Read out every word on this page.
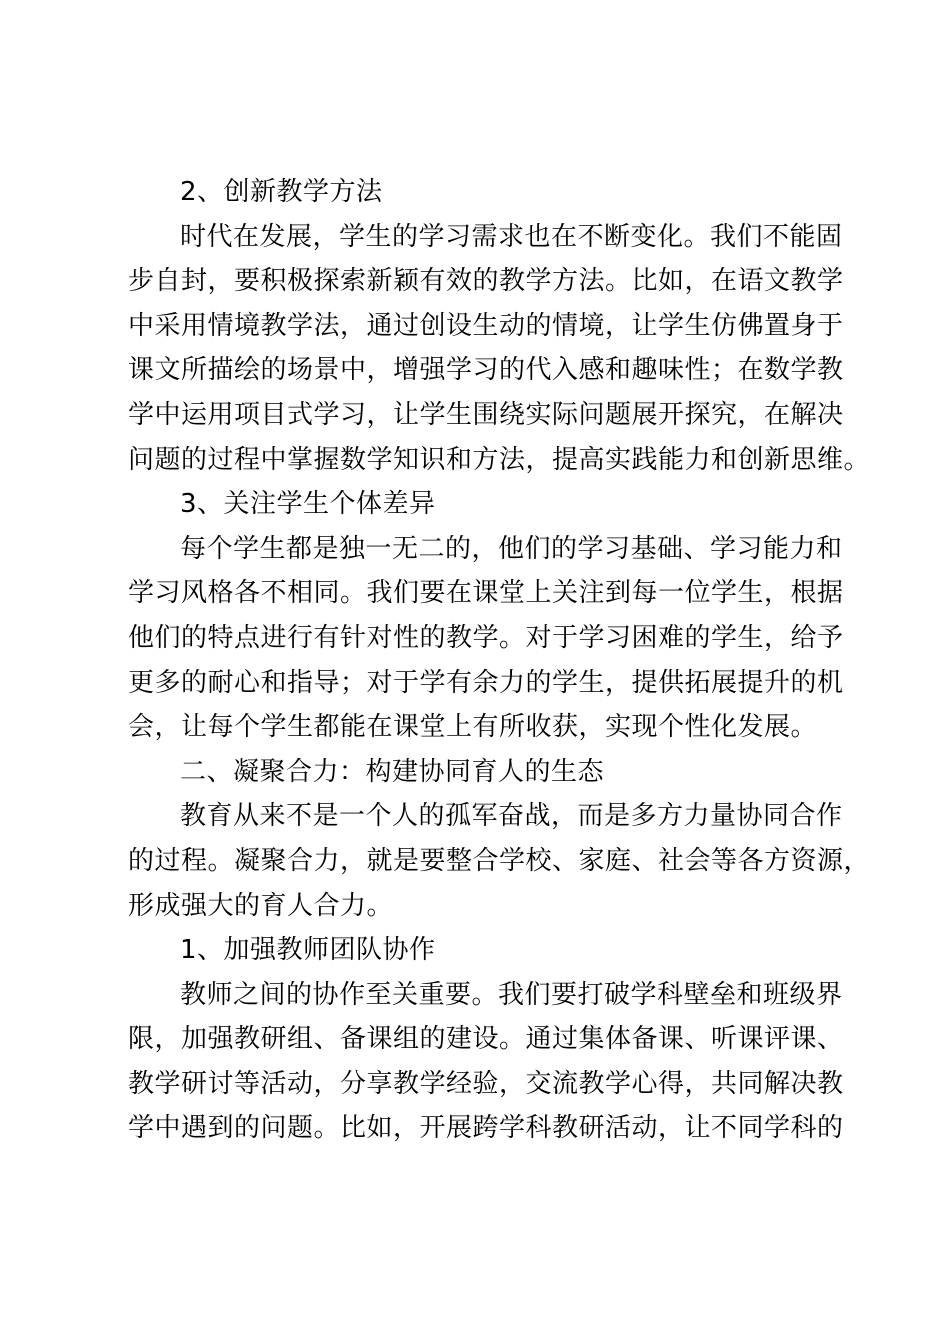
2、创新教学方法
时代在发展，学生的学习需求也在不断变化。我们不能固
步自封，要积极探索新颖有效的教学方法。比如，在语文教学
中采用情境教学法，通过创设生动的情境，让学生仿佛置身于
课文所描绘的场景中，增强学习的代入感和趣味性；在数学教
学中运用项目式学习，让学生围绕实际问题展开探究，在解决
问题的过程中掌握数学知识和方法，提高实践能力和创新思维。
3、关注学生个体差异
每个学生都是独一无二的，他们的学习基础、学习能力和
学习风格各不相同。我们要在课堂上关注到每一位学生，根据
他们的特点进行有针对性的教学。对于学习困难的学生，给予
更多的耐心和指导；对于学有余力的学生，提供拓展提升的机
会，让每个学生都能在课堂上有所收获，实现个性化发展。
二、凝聚合力：构建协同育人的生态
教育从来不是一个人的孤军奋战，而是多方力量协同合作
的过程。凝聚合力，就是要整合学校、家庭、社会等各方资源，
形成强大的育人合力。
1、加强教师团队协作
教师之间的协作至关重要。我们要打破学科壁垒和班级界
限，加强教研组、备课组的建设。通过集体备课、听课评课、
教学研讨等活动，分享教学经验，交流教学心得，共同解决教
学中遇到的问题。比如，开展跨学科教研活动，让不同学科的
